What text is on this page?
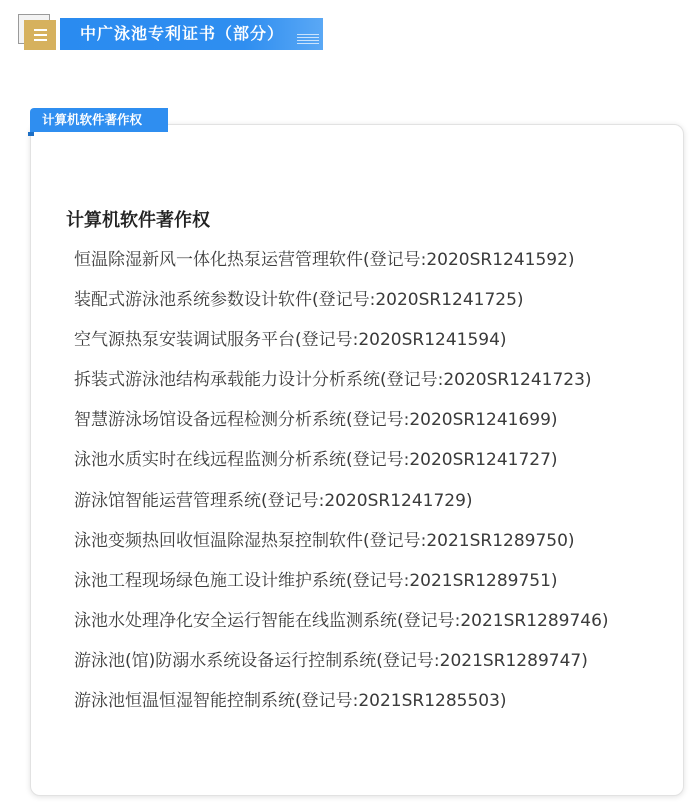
中广泳池专利证书（部分）
计算机软件著作权
计算机软件著作权
恒温除湿新风一体化热泵运营管理软件(登记号:2020SR1241592)
装配式游泳池系统参数设计软件(登记号:2020SR1241725)
空气源热泵安装调试服务平台(登记号:2020SR1241594)
拆装式游泳池结构承载能力设计分析系统(登记号:2020SR1241723)
智慧游泳场馆设备远程检测分析系统(登记号:2020SR1241699)
泳池水质实时在线远程监测分析系统(登记号:2020SR1241727)
游泳馆智能运营管理系统(登记号:2020SR1241729)
泳池变频热回收恒温除湿热泵控制软件(登记号:2021SR1289750)
泳池工程现场绿色施工设计维护系统(登记号:2021SR1289751)
泳池水处理净化安全运行智能在线监测系统(登记号:2021SR1289746)
游泳池(馆)防溺水系统设备运行控制系统(登记号:2021SR1289747)
游泳池恒温恒湿智能控制系统(登记号:2021SR1285503)
